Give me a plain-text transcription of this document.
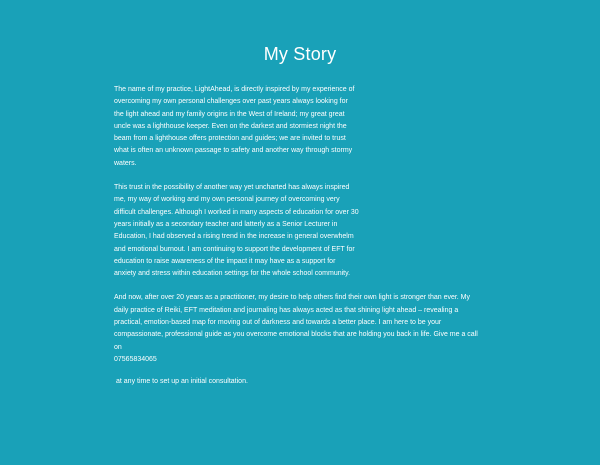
My Story

The name of my practice, LightAhead, is directly inspired by my experience of overcoming my own personal challenges over past years always looking for the light ahead and my family origins in the West of Ireland; my great great uncle was a lighthouse keeper. Even on the darkest and stormiest night the beam from a lighthouse offers protection and guides; we are invited to trust what is often an unknown passage to safety and another way through stormy waters.

This trust in the possibility of another way yet uncharted has always inspired me, my way of working and my own personal journey of overcoming very difficult challenges. Although I worked in many aspects of education for over 30 years initially as a secondary teacher and latterly as a Senior Lecturer in Education, I had observed a rising trend in the increase in general overwhelm and emotional burnout. I am continuing to support the development of EFT for education to raise awareness of the impact it may have as a support for anxiety and stress within education settings for the whole school community.

And now, after over 20 years as a practitioner, my desire to help others find their own light is stronger than ever. My daily practice of Reiki, EFT meditation and journaling has always acted as that shining light ahead – revealing a practical, emotion-based map for moving out of darkness and towards a better place. I am here to be your compassionate, professional guide as you overcome emotional blocks that are holding you back in life. Give me a call on

07565834065

at any time to set up an initial consultation.
